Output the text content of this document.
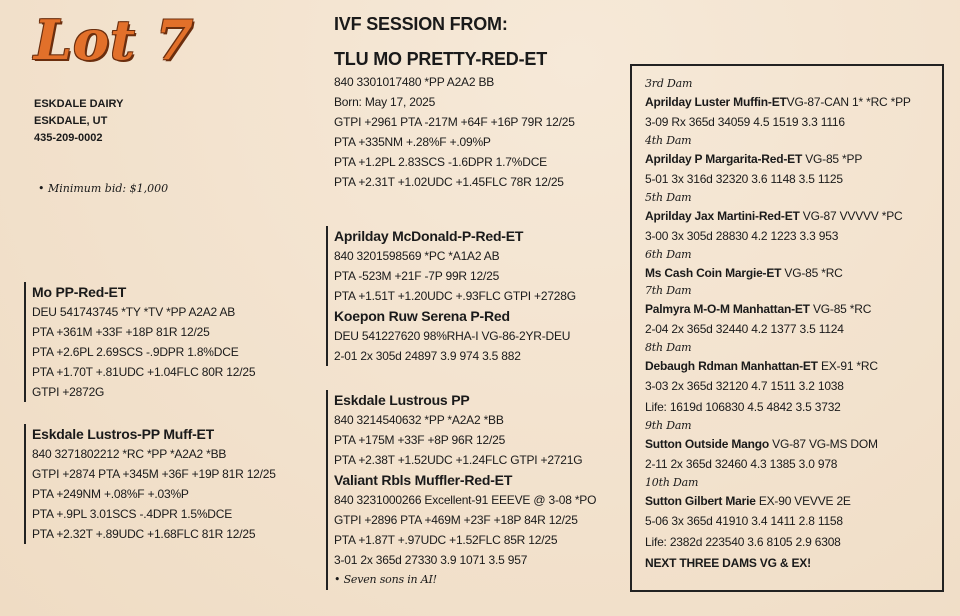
Lot 7
ESKDALE DAIRY
ESKDALE, UT
435-209-0002
• Minimum bid: $1,000
IVF SESSION FROM:
TLU MO PRETTY-RED-ET
840 3301017480 *PP A2A2 BB
Born: May 17, 2025
GTPI +2961 PTA -217M +64F +16P 79R 12/25
PTA +335NM +.28%F +.09%P
PTA +1.2PL 2.83SCS -1.6DPR 1.7%DCE
PTA +2.31T +1.02UDC +1.45FLC 78R 12/25
Mo PP-Red-ET
DEU 541743745 *TY *TV *PP A2A2 AB
PTA +361M +33F +18P 81R 12/25
PTA +2.6PL 2.69SCS -.9DPR 1.8%DCE
PTA +1.70T +.81UDC +1.04FLC 80R 12/25
GTPI +2872G
Eskdale Lustros-PP Muff-ET
840 3271802212 *RC *PP *A2A2 *BB
GTPI +2874 PTA +345M +36F +19P 81R 12/25
PTA +249NM +.08%F +.03%P
PTA +.9PL 3.01SCS -.4DPR 1.5%DCE
PTA +2.32T +.89UDC +1.68FLC 81R 12/25
Aprilday McDonald-P-Red-ET
840 3201598569 *PC *A1A2 AB
PTA -523M +21F -7P 99R 12/25
PTA +1.51T +1.20UDC +.93FLC GTPI +2728G
Koepon Ruw Serena P-Red
DEU 541227620 98%RHA-I VG-86-2YR-DEU
2-01 2x 305d 24897 3.9 974 3.5 882
Eskdale Lustrous PP
840 3214540632 *PP *A2A2 *BB
PTA +175M +33F +8P 96R 12/25
PTA +2.38T +1.52UDC +1.24FLC GTPI +2721G
Valiant Rbls Muffler-Red-ET
840 3231000266 Excellent-91 EEEVE @ 3-08 *PO
GTPI +2896 PTA +469M +23F +18P 84R 12/25
PTA +1.87T +.97UDC +1.52FLC 85R 12/25
3-01 2x 365d 27330 3.9 1071 3.5 957
• Seven sons in AI!
3rd Dam
Aprilday Luster Muffin-ETVG-87-CAN 1* *RC *PP
3-09 Rx 365d 34059 4.5 1519 3.3 1116
4th Dam
Aprilday P Margarita-Red-ET VG-85 *PP
5-01 3x 316d 32320 3.6 1148 3.5 1125
5th Dam
Aprilday Jax Martini-Red-ET VG-87 VVVVV *PC
3-00 3x 305d 28830 4.2 1223 3.3 953
6th Dam
Ms Cash Coin Margie-ET VG-85 *RC
7th Dam
Palmyra M-O-M Manhattan-ET VG-85 *RC
2-04 2x 365d 32440 4.2 1377 3.5 1124
8th Dam
Debaugh Rdman Manhattan-ET EX-91 *RC
3-03 2x 365d 32120 4.7 1511 3.2 1038
Life: 1619d 106830 4.5 4842 3.5 3732
9th Dam
Sutton Outside Mango VG-87 VG-MS DOM
2-11 2x 365d 32460 4.3 1385 3.0 978
10th Dam
Sutton Gilbert Marie EX-90 VEVVE 2E
5-06 3x 365d 41910 3.4 1411 2.8 1158
Life: 2382d 223540 3.6 8105 2.9 6308
NEXT THREE DAMS VG & EX!
